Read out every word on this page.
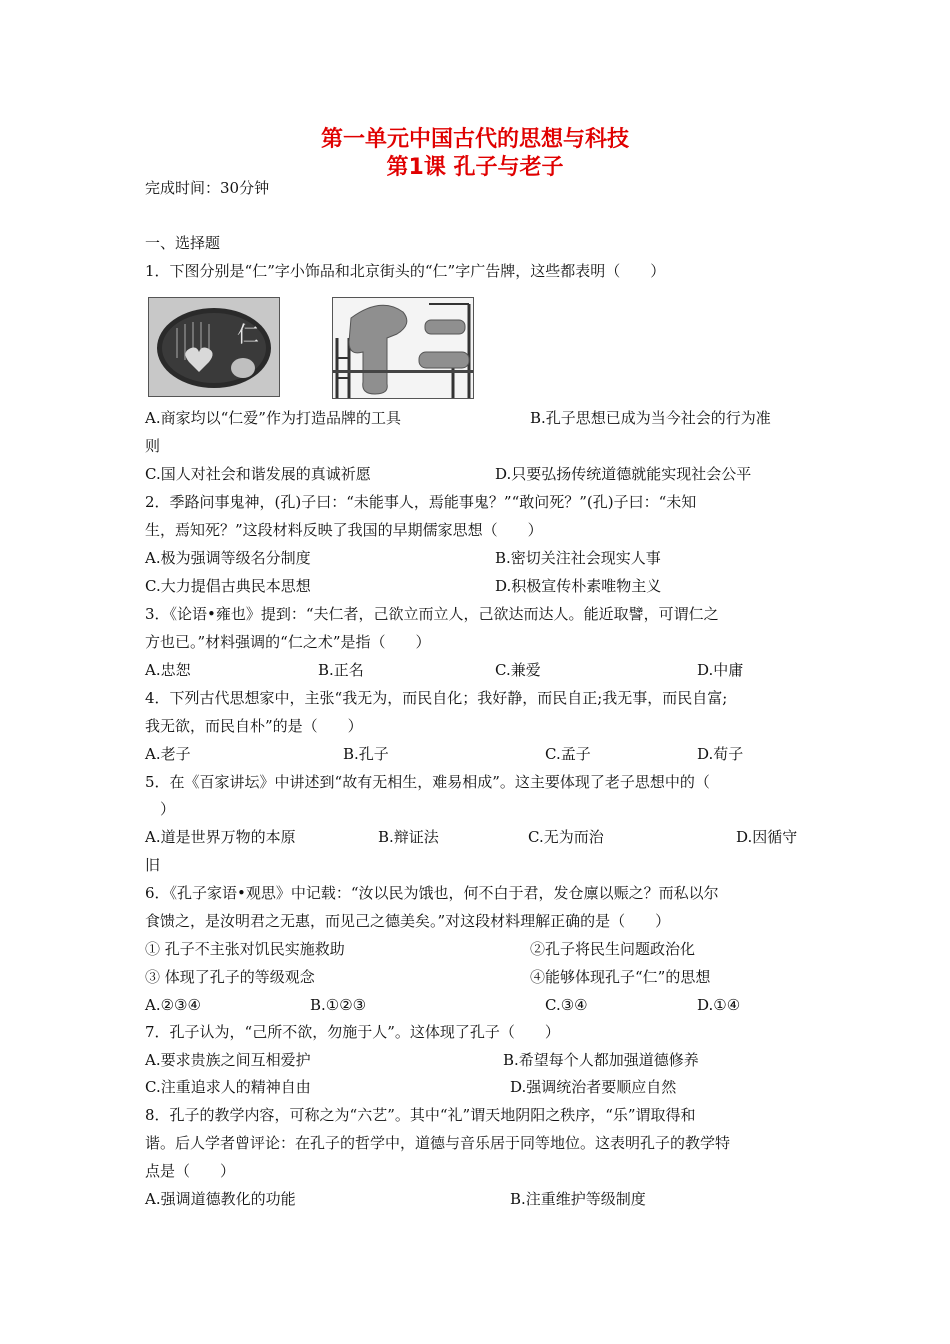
第一单元中国古代的思想与科技
第1课 孔子与老子
完成时间：30分钟
一、选择题
1．下图分别是“仁”字小饰品和北京街头的“仁”字广告牌，这些都表明（　　）
仁
A.商家均以“仁爱”作为打造品牌的工具	B.孔子思想已成为当今社会的行为准
则
C.国人对社会和谐发展的真诚祈愿	D.只要弘扬传统道德就能实现社会公平
2．季路问事鬼神，(孔)子曰：“未能事人，焉能事鬼？”“敢问死？”(孔)子曰：“未知
生，焉知死？”这段材料反映了我国的早期儒家思想（　　）
A.极为强调等级名分制度	B.密切关注社会现实人事
C.大力提倡古典民本思想	D.积极宣传朴素唯物主义
3．《论语•雍也》提到：“夫仁者，己欲立而立人，己欲达而达人。能近取譬，可谓仁之
方也已。”材料强调的“仁之术”是指（　　）
A.忠恕	B.正名	C.兼爱	D.中庸
4．下列古代思想家中，主张“我无为，而民自化；我好静，而民自正;我无事，而民自富;
我无欲，而民自朴”的是（　　）
A.老子	B.孔子	C.孟子	D.荀子
5．在《百家讲坛》中讲述到“故有无相生，难易相成”。这主要体现了老子思想中的（
　）
A.道是世界万物的本原	B.辩证法	C.无为而治	D.因循守
旧
6．《孔子家语•观思》中记载：“汝以民为饿也，何不白于君，发仓廪以赈之？而私以尔
食馈之，是汝明君之无惠，而见己之德美矣。”对这段材料理解正确的是（　　）
① 孔子不主张对饥民实施救助	②孔子将民生问题政治化
③ 体现了孔子的等级观念	④能够体现孔子“仁”的思想
A.②③④	B.①②③	C.③④	D.①④
7．孔子认为，“己所不欲，勿施于人”。这体现了孔子（　　）
A.要求贵族之间互相爱护	B.希望每个人都加强道德修养
C.注重追求人的精神自由	D.强调统治者要顺应自然
8．孔子的教学内容，可称之为“六艺”。其中“礼”谓天地阴阳之秩序，“乐”谓取得和
谐。后人学者曾评论：在孔子的哲学中，道德与音乐居于同等地位。这表明孔子的教学特
点是（　　）
A.强调道德教化的功能	B.注重维护等级制度
